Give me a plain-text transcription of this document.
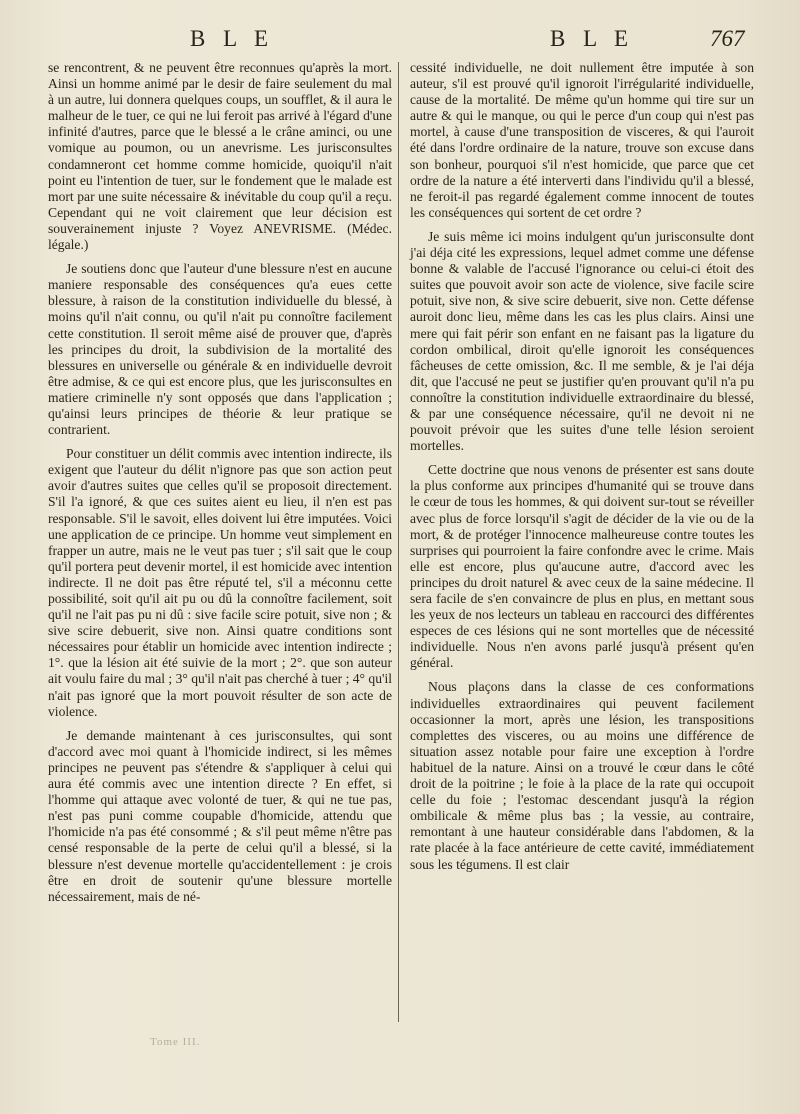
B L E	B L E	767

se rencontrent, & ne peuvent être reconnues qu'après la mort. Ainsi un homme animé par le desir de faire seulement du mal à un autre, lui donnera quelques coups, un soufflet, & il aura le malheur de le tuer, ce qui ne lui feroit pas arrivé à l'égard d'une infinité d'autres, parce que le blessé a le crâne aminci, ou une vomique au poumon, ou un anevrisme. Les jurisconsultes condamneront cet homme comme homicide, quoiqu'il n'ait point eu l'intention de tuer, sur le fondement que le malade est mort par une suite nécessaire & inévitable du coup qu'il a reçu. Cependant qui ne voit clairement que leur décision est souverainement injuste ? Voyez ANEVRISME. (Médec. légale.)

Je soutiens donc que l'auteur d'une blessure n'est en aucune maniere responsable des conséquences qu'a eues cette blessure, à raison de la constitution individuelle du blessé, à moins qu'il n'ait connu, ou qu'il n'ait pu connoître facilement cette constitution. Il seroit même aisé de prouver que, d'après les principes du droit, la subdivision de la mortalité des blessures en universelle ou générale & en individuelle devroit être admise, & ce qui est encore plus, que les jurisconsultes en matiere criminelle n'y sont opposés que dans l'application ; qu'ainsi leurs principes de théorie & leur pratique se contrarient.

Pour constituer un délit commis avec intention indirecte, ils exigent que l'auteur du délit n'ignore pas que son action peut avoir d'autres suites que celles qu'il se proposoit directement. S'il l'a ignoré, & que ces suites aient eu lieu, il n'en est pas responsable. S'il le savoit, elles doivent lui être imputées. Voici une application de ce principe. Un homme veut simplement en frapper un autre, mais ne le veut pas tuer ; s'il sait que le coup qu'il portera peut devenir mortel, il est homicide avec intention indirecte. Il ne doit pas être réputé tel, s'il a méconnu cette possibilité, soit qu'il ait pu ou dû la connoître facilement, soit qu'il ne l'ait pas pu ni dû : sive facile scire potuit, sive non ; & sive scire debuerit, sive non. Ainsi quatre conditions sont nécessaires pour établir un homicide avec intention indirecte ; 1°. que la lésion ait été suivie de la mort ; 2°. que son auteur ait voulu faire du mal ; 3° qu'il n'ait pas cherché à tuer ; 4° qu'il n'ait pas ignoré que la mort pouvoit résulter de son acte de violence.

Je demande maintenant à ces jurisconsultes, qui sont d'accord avec moi quant à l'homicide indirect, si les mêmes principes ne peuvent pas s'étendre & s'appliquer à celui qui aura été commis avec une intention directe ? En effet, si l'homme qui attaque avec volonté de tuer, & qui ne tue pas, n'est pas puni comme coupable d'homicide, attendu que l'homicide n'a pas été consommé ; & s'il peut même n'être pas censé responsable de la perte de celui qu'il a blessé, si la blessure n'est devenue mortelle qu'accidentellement : je crois être en droit de soutenir qu'une blessure mortelle nécessairement, mais de né-

cessité individuelle, ne doit nullement être imputée à son auteur, s'il est prouvé qu'il ignoroit l'irrégularité individuelle, cause de la mortalité. De même qu'un homme qui tire sur un autre & qui le manque, ou qui le perce d'un coup qui n'est pas mortel, à cause d'une transposition de visceres, & qui l'auroit été dans l'ordre ordinaire de la nature, trouve son excuse dans son bonheur, pourquoi s'il n'est homicide, que parce que cet ordre de la nature a été interverti dans l'individu qu'il a blessé, ne feroit-il pas regardé également comme innocent de toutes les conséquences qui sortent de cet ordre ?

Je suis même ici moins indulgent qu'un jurisconsulte dont j'ai déja cité les expressions, lequel admet comme une défense bonne & valable de l'accusé l'ignorance ou celui-ci étoit des suites que pouvoit avoir son acte de violence, sive facile scire potuit, sive non, & sive scire debuerit, sive non. Cette défense auroit donc lieu, même dans les cas les plus clairs. Ainsi une mere qui fait périr son enfant en ne faisant pas la ligature du cordon ombilical, diroit qu'elle ignoroit les conséquences fâcheuses de cette omission, &c. Il me semble, & je l'ai déja dit, que l'accusé ne peut se justifier qu'en prouvant qu'il n'a pu connoître la constitution individuelle extraordinaire du blessé, & par une conséquence nécessaire, qu'il ne devoit ni ne pouvoit prévoir que les suites d'une telle lésion seroient mortelles.

Cette doctrine que nous venons de présenter est sans doute la plus conforme aux principes d'humanité qui se trouve dans le cœur de tous les hommes, & qui doivent sur-tout se réveiller avec plus de force lorsqu'il s'agit de décider de la vie ou de la mort, & de protéger l'innocence malheureuse contre toutes les surprises qui pourroient la faire confondre avec le crime. Mais elle est encore, plus qu'aucune autre, d'accord avec les principes du droit naturel & avec ceux de la saine médecine. Il sera facile de s'en convaincre de plus en plus, en mettant sous les yeux de nos lecteurs un tableau en raccourci des différentes especes de ces lésions qui ne sont mortelles que de nécessité individuelle. Nous n'en avons parlé jusqu'à présent qu'en général.

Nous plaçons dans la classe de ces conformations individuelles extraordinaires qui peuvent facilement occasionner la mort, après une lésion, les transpositions complettes des visceres, ou au moins une différence de situation assez notable pour faire une exception à l'ordre habituel de la nature. Ainsi on a trouvé le cœur dans le côté droit de la poitrine ; le foie à la place de la rate qui occupoit celle du foie ; l'estomac descendant jusqu'à la région ombilicale & même plus bas ; la vessie, au contraire, remontant à une hauteur considérable dans l'abdomen, & la rate placée à la face antérieure de cette cavité, immédiatement sous les tégumens. Il est clair

Tome III.
